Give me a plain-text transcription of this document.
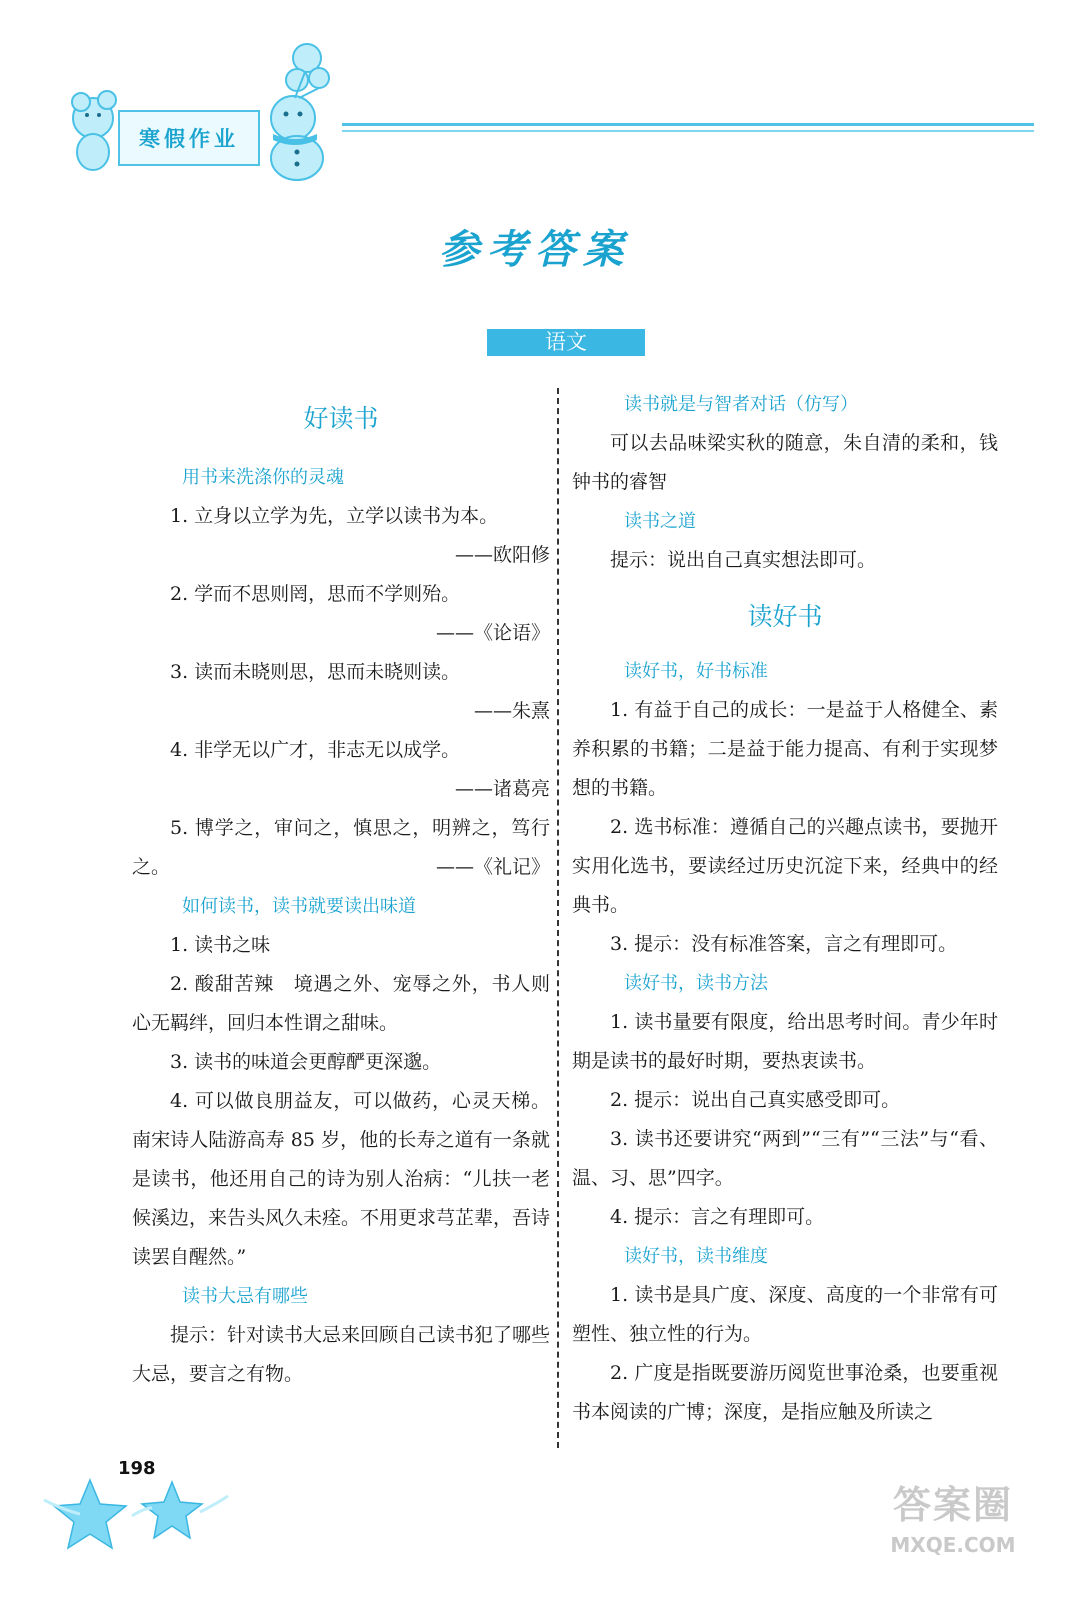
寒假作业
参考答案
语文
好读书
用书来洗涤你的灵魂
1. 立身以立学为先，立学以读书为本。
——欧阳修
2. 学而不思则罔，思而不学则殆。
——《论语》
3. 读而未晓则思，思而未晓则读。
——朱熹
4. 非学无以广才，非志无以成学。
——诸葛亮
5. 博学之，审问之，慎思之，明辨之，笃行之。	——《礼记》
如何读书，读书就要读出味道
1. 读书之味
2. 酸甜苦辣　境遇之外、宠辱之外，书人则心无羁绊，回归本性谓之甜味。
3. 读书的味道会更醇酽更深邈。
4. 可以做良朋益友，可以做药，心灵天梯。南宋诗人陆游高寿 85 岁，他的长寿之道有一条就是读书，他还用自己的诗为别人治病：“儿扶一老候溪边，来告头风久未痊。不用更求芎芷辈，吾诗读罢自醒然。”
读书大忌有哪些
提示：针对读书大忌来回顾自己读书犯了哪些大忌，要言之有物。
读书就是与智者对话（仿写）
可以去品味梁实秋的随意，朱自清的柔和，钱钟书的睿智
读书之道
提示：说出自己真实想法即可。
读好书
读好书，好书标准
1. 有益于自己的成长：一是益于人格健全、素养积累的书籍；二是益于能力提高、有利于实现梦想的书籍。
2. 选书标准：遵循自己的兴趣点读书，要抛开实用化选书，要读经过历史沉淀下来，经典中的经典书。
3. 提示：没有标准答案，言之有理即可。
读好书，读书方法
1. 读书量要有限度，给出思考时间。青少年时期是读书的最好时期，要热衷读书。
2. 提示：说出自己真实感受即可。
3. 读书还要讲究“两到”“三有”“三法”与“看、温、习、思”四字。
4. 提示：言之有理即可。
读好书，读书维度
1. 读书是具广度、深度、高度的一个非常有可塑性、独立性的行为。
2. 广度是指既要游历阅览世事沧桑，也要重视书本阅读的广博；深度，是指应触及所读之
198
答案圈
MXQE.COM
